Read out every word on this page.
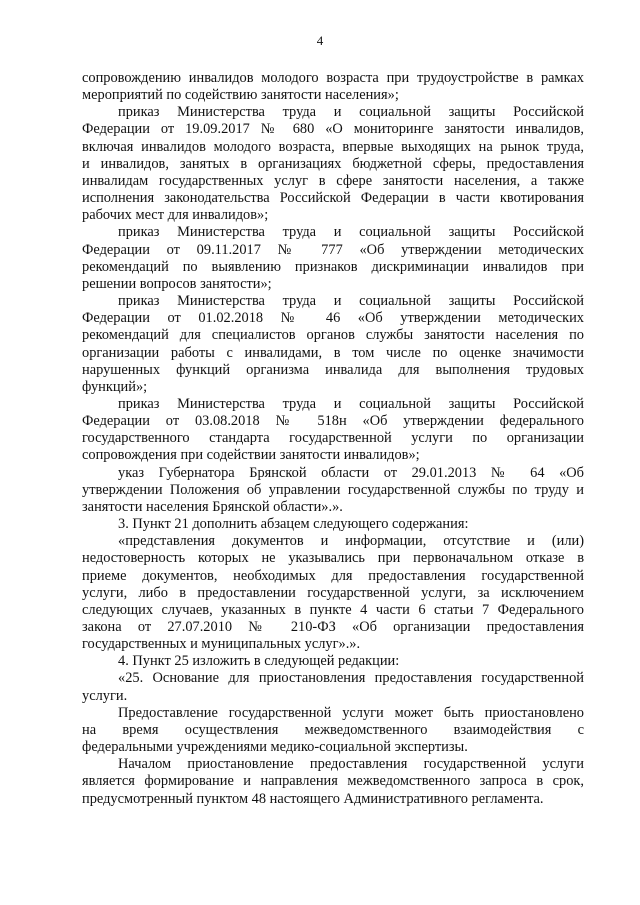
4

сопровождению инвалидов молодого возраста при трудоустройстве в рамках

мероприятий по содействию занятости населения»;

приказ Министерства труда и социальной защиты Российской

Федерации от 19.09.2017 № 680 «О мониторинге занятости инвалидов,

включая инвалидов молодого возраста, впервые выходящих на рынок труда,

и инвалидов, занятых в организациях бюджетной сферы, предоставления

инвалидам государственных услуг в сфере занятости населения, а также

исполнения законодательства Российской Федерации в части квотирования

рабочих мест для инвалидов»;

приказ Министерства труда и социальной защиты Российской

Федерации от 09.11.2017 № 777 «Об утверждении методических

рекомендаций по выявлению признаков дискриминации инвалидов при

решении вопросов занятости»;

приказ Министерства труда и социальной защиты Российской

Федерации от 01.02.2018 № 46 «Об утверждении методических

рекомендаций для специалистов органов службы занятости населения по

организации работы с инвалидами, в том числе по оценке значимости

нарушенных функций организма инвалида для выполнения трудовых

функций»;

приказ Министерства труда и социальной защиты Российской

Федерации от 03.08.2018 № 518н «Об утверждении федерального

государственного стандарта государственной услуги по организации

сопровождения при содействии занятости инвалидов»;

указ Губернатора Брянской области от 29.01.2013 № 64 «Об

утверждении Положения об управлении государственной службы по труду и

занятости населения Брянской области».».

3. Пункт 21 дополнить абзацем следующего содержания:

«представления документов и информации, отсутствие и (или)

недостоверность которых не указывались при первоначальном отказе в

приеме документов, необходимых для предоставления государственной

услуги, либо в предоставлении государственной услуги, за исключением

следующих случаев, указанных в пункте 4 части 6 статьи 7 Федерального

закона от 27.07.2010 № 210-ФЗ «Об организации предоставления

государственных и муниципальных услуг».».

4. Пункт 25 изложить в следующей редакции:

«25. Основание для приостановления предоставления государственной

услуги.

Предоставление государственной услуги может быть приостановлено

на время осуществления межведомственного взаимодействия с

федеральными учреждениями медико-социальной экспертизы.

Началом приостановление предоставления государственной услуги

является формирование и направления межведомственного запроса в срок,

предусмотренный пунктом 48 настоящего Административного регламента.
